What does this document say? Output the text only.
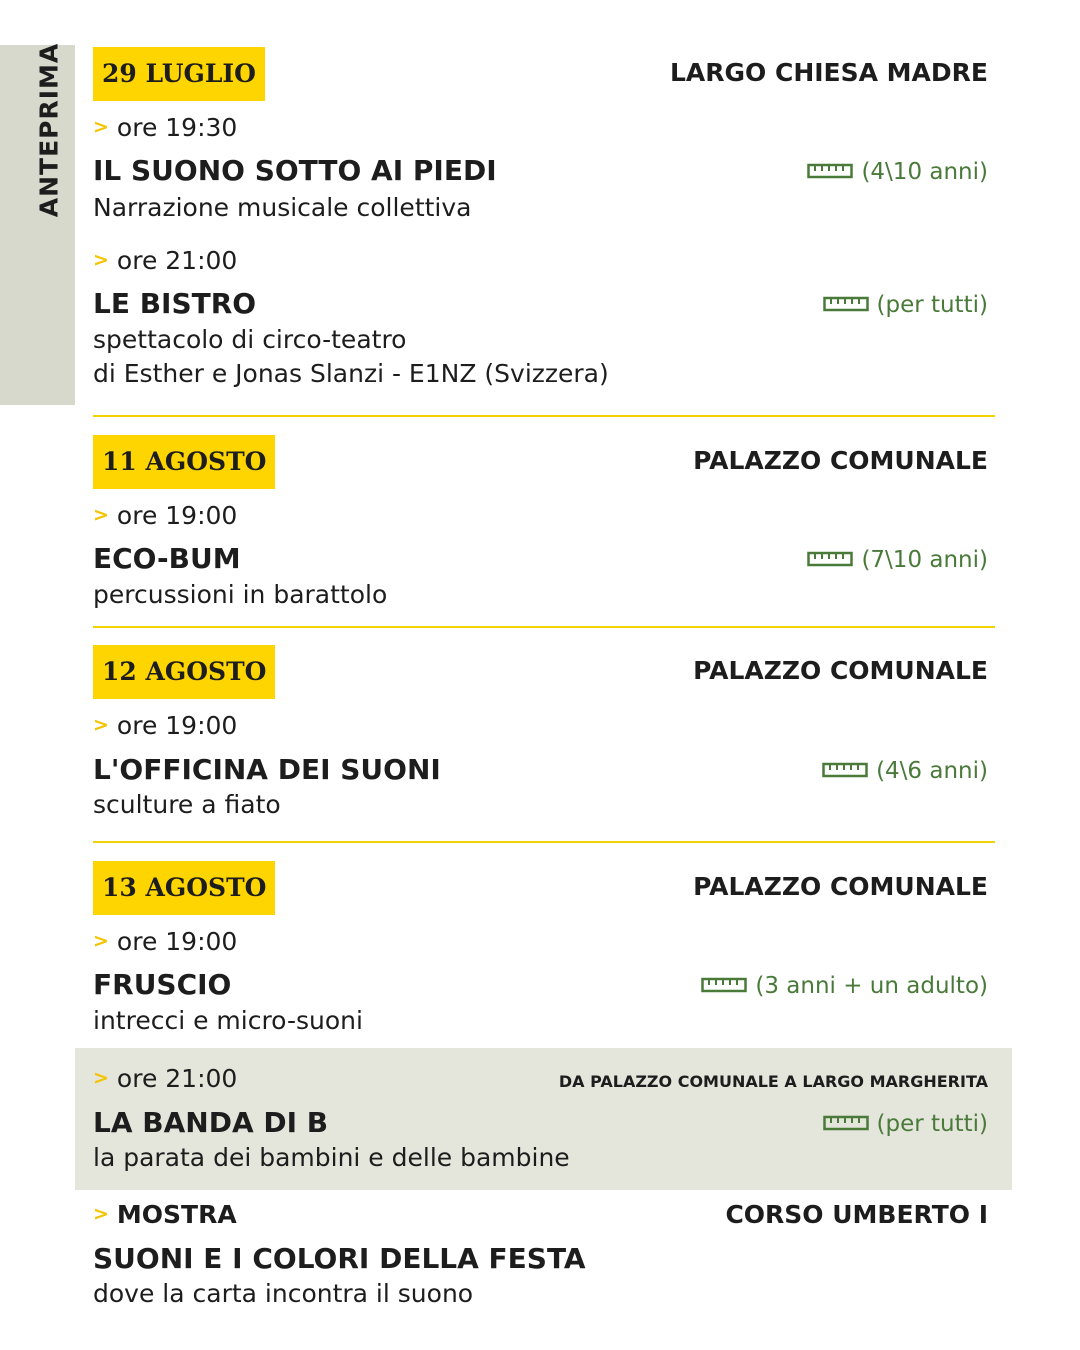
ANTEPRIMA	29 LUGLIO	LARGO CHIESA MADRE
> ore 19:30
IL SUONO SOTTO AI PIEDI	(4\10 anni)
Narrazione musicale collettiva
> ore 21:00
LE BISTRO	(per tutti)
spettacolo di circo-teatro
di Esther e Jonas Slanzi - E1NZ (Svizzera)
11 AGOSTO	PALAZZO COMUNALE
> ore 19:00
ECO-BUM	(7\10 anni)
percussioni in barattolo
12 AGOSTO	PALAZZO COMUNALE
> ore 19:00
L'OFFICINA DEI SUONI	(4\6 anni)
sculture a fiato
13 AGOSTO	PALAZZO COMUNALE
> ore 19:00
FRUSCIO	(3 anni + un adulto)
intrecci e micro-suoni
> ore 21:00	DA PALAZZO COMUNALE A LARGO MARGHERITA
LA BANDA DI B	(per tutti)
la parata dei bambini e delle bambine
> MOSTRA	CORSO UMBERTO I
SUONI E I COLORI DELLA FESTA
dove la carta incontra il suono
